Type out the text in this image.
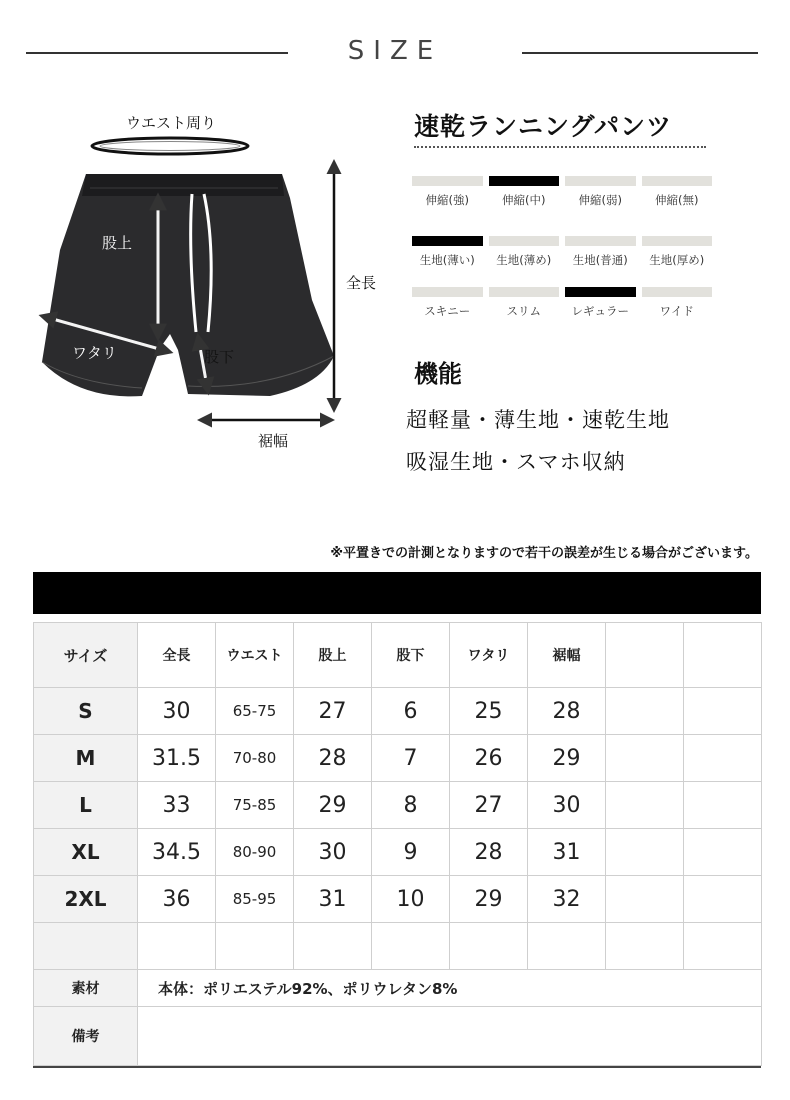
SIZE
ウエスト周り
股上
ワタリ	股下
全長
裾幅
速乾ランニングパンツ
伸縮(強)	伸縮(中)	伸縮(弱)	伸縮(無)
生地(薄い)	生地(薄め)	生地(普通)	生地(厚め)
スキニー	スリム	レギュラー	ワイド
機能
超軽量・薄生地・速乾生地
吸湿生地・スマホ収納
※平置きでの計測となりますので若干の誤差が生じる場合がございます。
サイズ	全長	ウエスト	股上	股下	ワタリ	裾幅		
S	30	65-75	27	6	25	28		
M	31.5	70-80	28	7	26	29		
L	33	75-85	29	8	27	30		
XL	34.5	80-90	30	9	28	31		
2XL	36	85-95	31	10	29	32		

素材	本体：ポリエステル92%、ポリウレタン8%							
備考								
